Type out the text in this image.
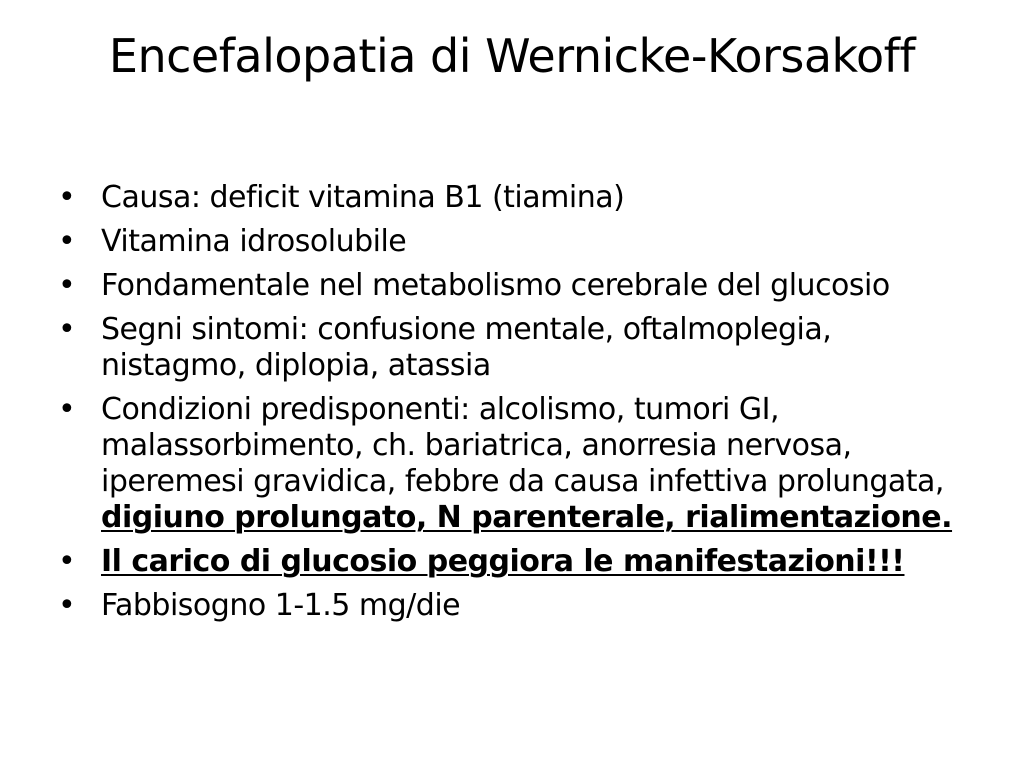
Encefalopatia di Wernicke-Korsakoff
• Causa: deficit vitamina B1 (tiamina)
• Vitamina idrosolubile
• Fondamentale nel metabolismo cerebrale del glucosio
• Segni sintomi: confusione mentale, oftalmoplegia, nistagmo, diplopia, atassia
• Condizioni predisponenti: alcolismo, tumori GI, malassorbimento, ch. bariatrica, anorresia nervosa, iperemesi gravidica, febbre da causa infettiva prolungata, digiuno prolungato, N parenterale, rialimentazione.
• Il carico di glucosio peggiora le manifestazioni!!!
• Fabbisogno 1-1.5 mg/die
